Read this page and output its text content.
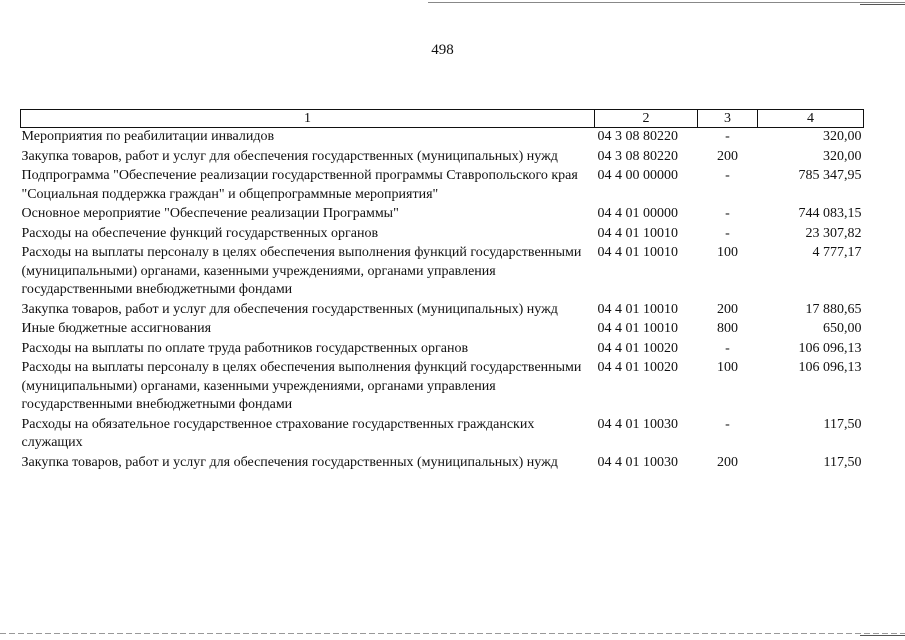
498
1	2	3	4
Мероприятия по реабилитации инвалидов	04 3 08 80220	-	320,00
Закупка товаров, работ и услуг для обеспечения государственных (муниципальных) нужд	04 3 08 80220	200	320,00
Подпрограмма "Обеспечение реализации государственной программы Ставропольского края "Социальная поддержка граждан" и общепрограммные мероприятия"	04 4 00 00000	-	785 347,95
Основное мероприятие "Обеспечение реализации Программы"	04 4 01 00000	-	744 083,15
Расходы на обеспечение функций государственных органов	04 4 01 10010	-	23 307,82
Расходы на выплаты персоналу в целях обеспечения выполнения функций государственными (муниципальными) органами, казенными учреждениями, органами управления государственными внебюджетными фондами	04 4 01 10010	100	4 777,17
Закупка товаров, работ и услуг для обеспечения государственных (муниципальных) нужд	04 4 01 10010	200	17 880,65
Иные бюджетные ассигнования	04 4 01 10010	800	650,00
Расходы на выплаты по оплате труда работников государственных органов	04 4 01 10020	-	106 096,13
Расходы на выплаты персоналу в целях обеспечения выполнения функций государственными (муниципальными) органами, казенными учреждениями, органами управления государственными внебюджетными фондами	04 4 01 10020	100	106 096,13
Расходы на обязательное государственное страхование государственных гражданских служащих	04 4 01 10030	-	117,50
Закупка товаров, работ и услуг для обеспечения государственных (муниципальных) нужд	04 4 01 10030	200	117,50
